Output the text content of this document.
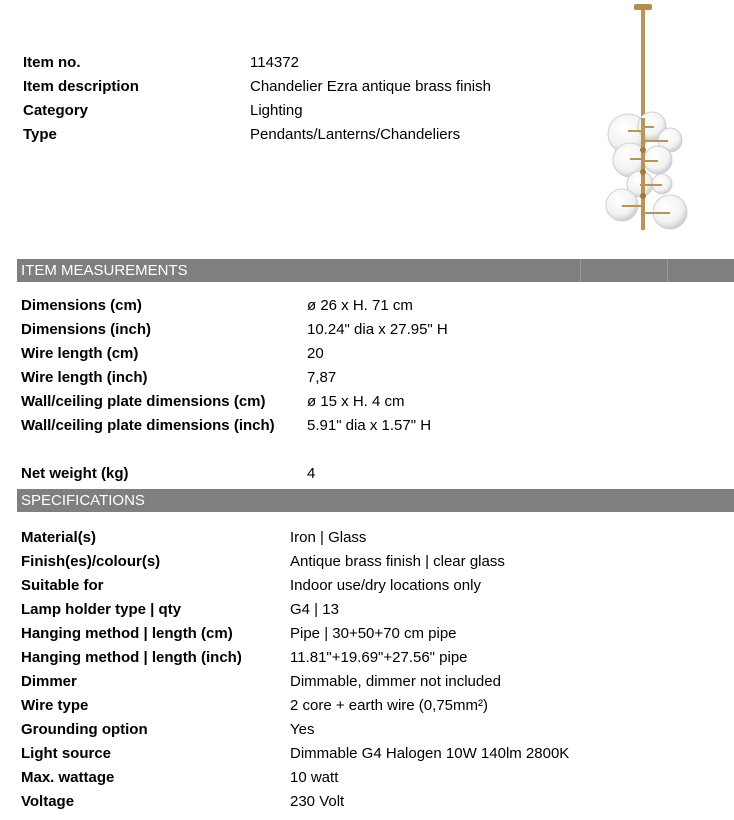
Item no.	114372
Item description	Chandelier Ezra antique brass finish
Category	Lighting
Type	Pendants/Lanterns/Chandeliers
ITEM MEASUREMENTS
Dimensions (cm)	ø 26 x H. 71 cm
Dimensions (inch)	10.24" dia x 27.95" H
Wire length (cm)	20
Wire length (inch)	7,87
Wall/ceiling plate dimensions (cm)	ø 15 x H. 4 cm
Wall/ceiling plate dimensions (inch) 5.91" dia x 1.57" H
Net weight (kg)	4
SPECIFICATIONS
Material(s)	Iron | Glass
Finish(es)/colour(s)	Antique brass finish | clear glass
Suitable for	Indoor use/dry locations only
Lamp holder type | qty	G4 | 13
Hanging method | length (cm)	Pipe | 30+50+70 cm pipe
Hanging method | length (inch)	11.81"+19.69"+27.56" pipe
Dimmer	Dimmable, dimmer not included
Wire type	2 core + earth wire (0,75mm²)
Grounding option	Yes
Light source	Dimmable G4 Halogen 10W 140lm 2800K
Max. wattage	10 watt
Voltage	230 Volt
